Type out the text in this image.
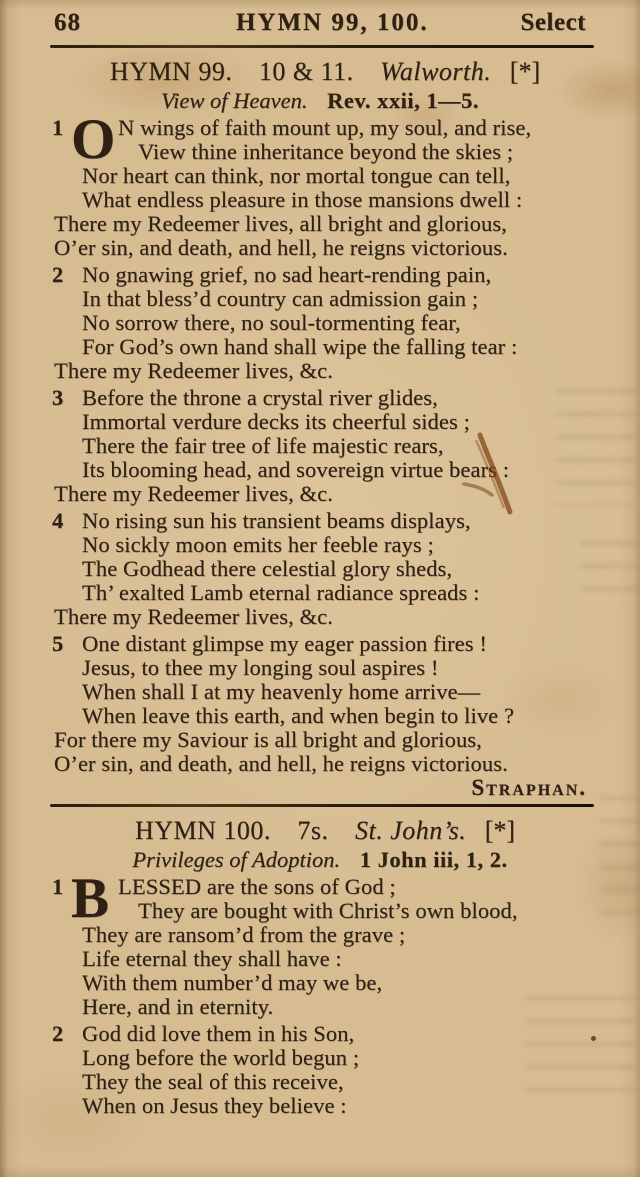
68	HYMN 99, 100.	Select
HYMN 99. 10 & 11. Walworth. [*]
View of Heaven. Rev. xxii, 1—5.
1 O N wings of faith mount up, my soul, and rise,
View thine inheritance beyond the skies ;
Nor heart can think, nor mortal tongue can tell,
What endless pleasure in those mansions dwell :
There my Redeemer lives, all bright and glorious,
O’er sin, and death, and hell, he reigns victorious.
2 No gnawing grief, no sad heart-rending pain,
In that bless’d country can admission gain ;
No sorrow there, no soul-tormenting fear,
For God’s own hand shall wipe the falling tear :
There my Redeemer lives, &c.
3 Before the throne a crystal river glides,
Immortal verdure decks its cheerful sides ;
There the fair tree of life majestic rears,
Its blooming head, and sovereign virtue bears :
There my Redeemer lives, &c.
4 No rising sun his transient beams displays,
No sickly moon emits her feeble rays ;
The Godhead there celestial glory sheds,
Th’ exalted Lamb eternal radiance spreads :
There my Redeemer lives, &c.
5 One distant glimpse my eager passion fires !
Jesus, to thee my longing soul aspires !
When shall I at my heavenly home arrive—
When leave this earth, and when begin to live ?
For there my Saviour is all bright and glorious,
O’er sin, and death, and hell, he reigns victorious.
Straphan.
HYMN 100. 7s. St. John’s. [*]
Privileges of Adoption. 1 John iii, 1, 2.
1 B LESSED are the sons of God ;
They are bought with Christ’s own blood,
They are ransom’d from the grave ;
Life eternal they shall have :
With them number’d may we be,
Here, and in eternity.
2 God did love them in his Son,
Long before the world begun ;
They the seal of this receive,
When on Jesus they believe :
